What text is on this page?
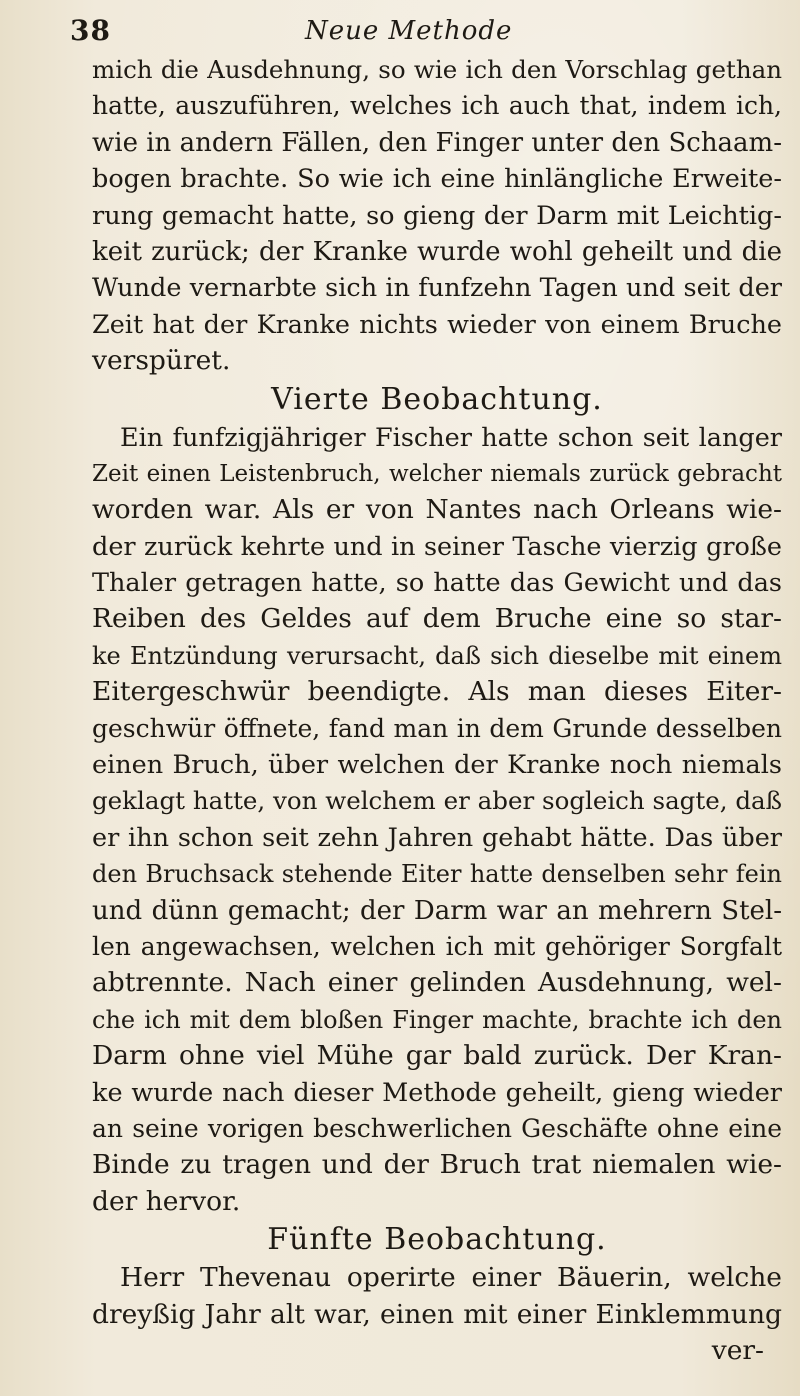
38	Neue Methode
mich die Ausdehnung, so wie ich den Vorschlag gethan
hatte, auszuführen, welches ich auch that, indem ich,
wie in andern Fällen, den Finger unter den Schaam-
bogen brachte. So wie ich eine hinlängliche Erweite-
rung gemacht hatte, so gieng der Darm mit Leichtig-
keit zurück; der Kranke wurde wohl geheilt und die
Wunde vernarbte sich in funfzehn Tagen und seit der
Zeit hat der Kranke nichts wieder von einem Bruche
verspüret.
Vierte Beobachtung.
Ein funfzigjähriger Fischer hatte schon seit langer
Zeit einen Leistenbruch, welcher niemals zurück gebracht
worden war. Als er von Nantes nach Orleans wie-
der zurück kehrte und in seiner Tasche vierzig große
Thaler getragen hatte, so hatte das Gewicht und das
Reiben des Geldes auf dem Bruche eine so star-
ke Entzündung verursacht, daß sich dieselbe mit einem
Eitergeschwür beendigte. Als man dieses Eiter-
geschwür öffnete, fand man in dem Grunde desselben
einen Bruch, über welchen der Kranke noch niemals
geklagt hatte, von welchem er aber sogleich sagte, daß
er ihn schon seit zehn Jahren gehabt hätte. Das über
den Bruchsack stehende Eiter hatte denselben sehr fein
und dünn gemacht; der Darm war an mehrern Stel-
len angewachsen, welchen ich mit gehöriger Sorgfalt
abtrennte. Nach einer gelinden Ausdehnung, wel-
che ich mit dem bloßen Finger machte, brachte ich den
Darm ohne viel Mühe gar bald zurück. Der Kran-
ke wurde nach dieser Methode geheilt, gieng wieder
an seine vorigen beschwerlichen Geschäfte ohne eine
Binde zu tragen und der Bruch trat niemalen wie-
der hervor.
Fünfte Beobachtung.
Herr Thevenau operirte einer Bäuerin, welche
dreyßig Jahr alt war, einen mit einer Einklemmung
ver-
